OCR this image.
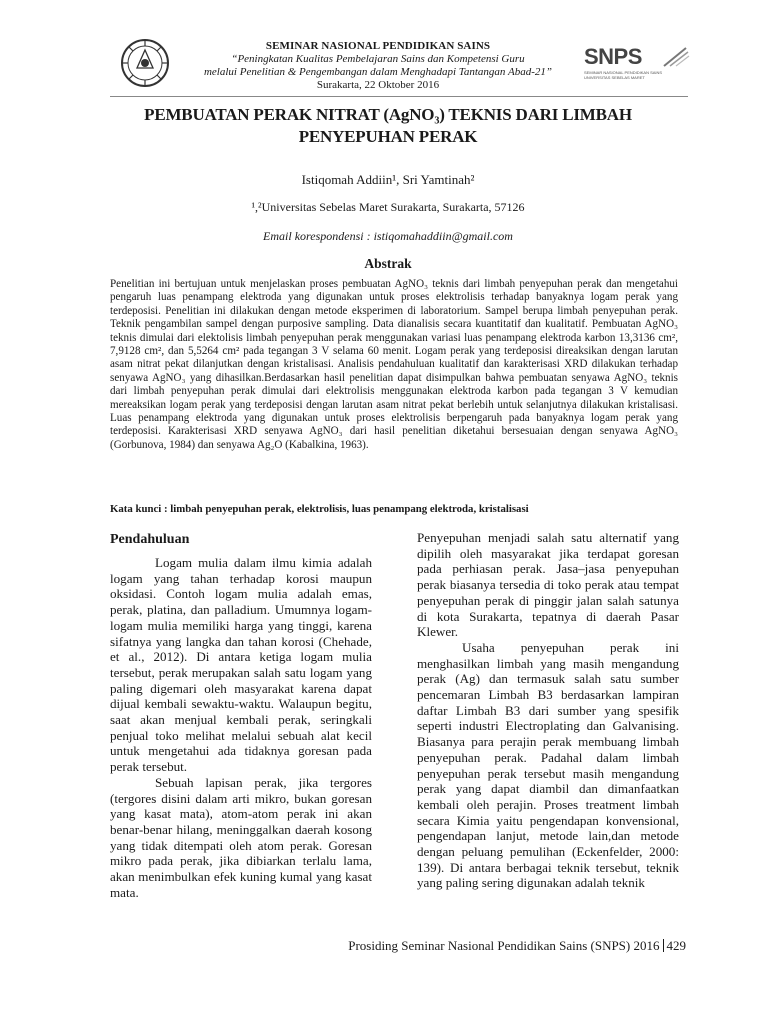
SEMINAR NASIONAL PENDIDIKAN SAINS
“Peningkatan Kualitas Pembelajaran Sains dan Kompetensi Guru
melalui Penelitian & Pengembangan dalam Menghadapi Tantangan Abad-21”
Surakarta, 22 Oktober 2016
SNPS
SEMINAR NASIONAL PENDIDIKAN SAINS UNIVERSITAS SEBELAS MARET
PEMBUATAN PERAK NITRAT (AgNO₃) TEKNIS DARI LIMBAH
PENYEPUHAN PERAK
Istiqomah Addiin¹, Sri Yamtinah²
¹,²Universitas Sebelas Maret Surakarta, Surakarta, 57126
Email korespondensi : istiqomahaddiin@gmail.com
Abstrak
Penelitian ini bertujuan untuk menjelaskan proses pembuatan AgNO₃ teknis dari limbah penyepuhan perak dan mengetahui pengaruh luas penampang elektroda yang digunakan untuk proses elektrolisis terhadap banyaknya logam perak yang terdeposisi. Penelitian ini dilakukan dengan metode eksperimen di laboratorium. Sampel berupa limbah penyepuhan perak. Teknik pengambilan sampel dengan purposive sampling. Data dianalisis secara kuantitatif dan kualitatif. Pembuatan AgNO₃ teknis dimulai dari elektolisis limbah penyepuhan perak menggunakan variasi luas penampang elektroda karbon 13,3136 cm², 7,9128 cm², dan 5,5264 cm² pada tegangan 3 V selama 60 menit. Logam perak yang terdeposisi direaksikan dengan larutan asam nitrat pekat dilanjutkan dengan kristalisasi. Analisis pendahuluan kualitatif dan karakterisasi XRD dilakukan terhadap senyawa AgNO₃ yang dihasilkan.Berdasarkan hasil penelitian dapat disimpulkan bahwa pembuatan senyawa AgNO₃ teknis dari limbah penyepuhan perak dimulai dari elektrolisis menggunakan elektroda karbon pada tegangan 3 V kemudian mereaksikan logam perak yang terdeposisi dengan larutan asam nitrat pekat berlebih untuk selanjutnya dilakukan kristalisasi. Luas penampang elektroda yang digunakan untuk proses elektrolisis berpengaruh pada banyaknya logam perak yang terdeposisi. Karakterisasi XRD senyawa AgNO₃ dari hasil penelitian diketahui bersesuaian dengan senyawa AgNO₃ (Gorbunova, 1984) dan senyawa Ag₂O (Kabalkina, 1963).
Kata kunci : limbah penyepuhan perak, elektrolisis, luas penampang elektroda, kristalisasi
Pendahuluan
Logam mulia dalam ilmu kimia adalah logam yang tahan terhadap korosi maupun oksidasi. Contoh logam mulia adalah emas, perak, platina, dan palladium. Umumnya logam-logam mulia memiliki harga yang tinggi, karena sifatnya yang langka dan tahan korosi (Chehade, et al., 2012). Di antara ketiga logam mulia tersebut, perak merupakan salah satu logam yang paling digemari oleh masyarakat karena dapat dijual kembali sewaktu-waktu. Walaupun begitu, saat akan menjual kembali perak, seringkali penjual toko melihat melalui sebuah alat kecil untuk mengetahui ada tidaknya goresan pada perak tersebut.
Sebuah lapisan perak, jika tergores (tergores disini dalam arti mikro, bukan goresan yang kasat mata), atom-atom perak ini akan benar-benar hilang, meninggalkan daerah kosong yang tidak ditempati oleh atom perak. Goresan mikro pada perak, jika dibiarkan terlalu lama, akan menimbulkan efek kuning kumal yang kasat mata.
Penyepuhan menjadi salah satu alternatif yang dipilih oleh masyarakat jika terdapat goresan pada perhiasan perak. Jasa–jasa penyepuhan perak biasanya tersedia di toko perak atau tempat penyepuhan perak di pinggir jalan salah satunya di kota Surakarta, tepatnya di daerah Pasar Klewer.
Usaha penyepuhan perak ini menghasilkan limbah yang masih mengandung perak (Ag) dan termasuk salah satu sumber pencemaran Limbah B3 berdasarkan lampiran daftar Limbah B3 dari sumber yang spesifik seperti industri Electroplating dan Galvanising. Biasanya para perajin perak membuang limbah penyepuhan perak. Padahal dalam limbah penyepuhan perak tersebut masih mengandung perak yang dapat diambil dan dimanfaatkan kembali oleh perajin. Proses treatment limbah secara Kimia yaitu pengendapan konvensional, pengendapan lanjut, metode lain,dan metode dengan peluang pemulihan (Eckenfelder, 2000: 139). Di antara berbagai teknik tersebut, teknik yang paling sering digunakan adalah teknik
Prosiding Seminar Nasional Pendidikan Sains (SNPS) 2016 429
